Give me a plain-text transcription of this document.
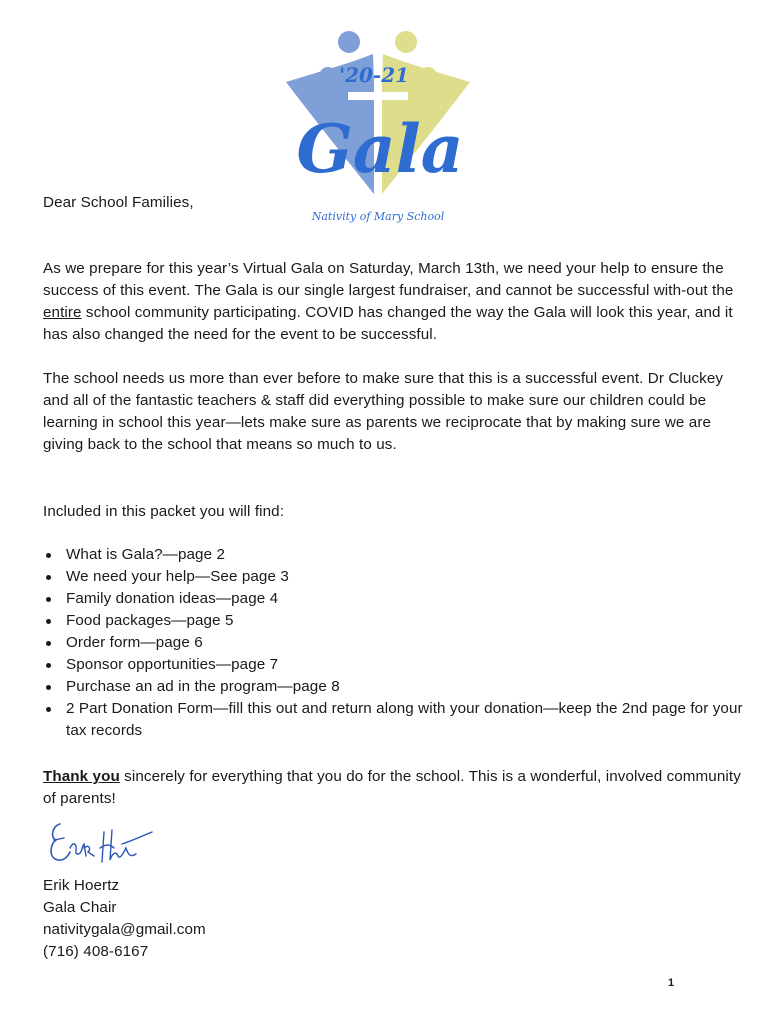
'20-21
Gala
Nativity of Mary School
Dear School Families,

As we prepare for this year’s Virtual Gala on Saturday, March 13th, we need your help to ensure the success of this event. The Gala is our single largest fundraiser, and cannot be successful with-out the entire school community participating. COVID has changed the way the Gala will look this year, and it has also changed the need for the event to be successful.

The school needs us more than ever before to make sure that this is a successful event. Dr Cluckey and all of the fantastic teachers & staff did everything possible to make sure our children could be learning in school this year—lets make sure as parents we reciprocate that by making sure we are giving back to the school that means so much to us.

Included in this packet you will find:
What is Gala?—page 2
We need your help—See page 3
Family donation ideas—page 4
Food packages—page 5
Order form—page 6
Sponsor opportunities—page 7
Purchase an ad in the program—page 8
2 Part Donation Form—fill this out and return along with your donation—keep the 2nd page for your tax records

Thank you sincerely for everything that you do for the school. This is a wonderful, involved community of parents!

Erik Hoertz
Gala Chair
nativitygala@gmail.com
(716) 408-6167
1
